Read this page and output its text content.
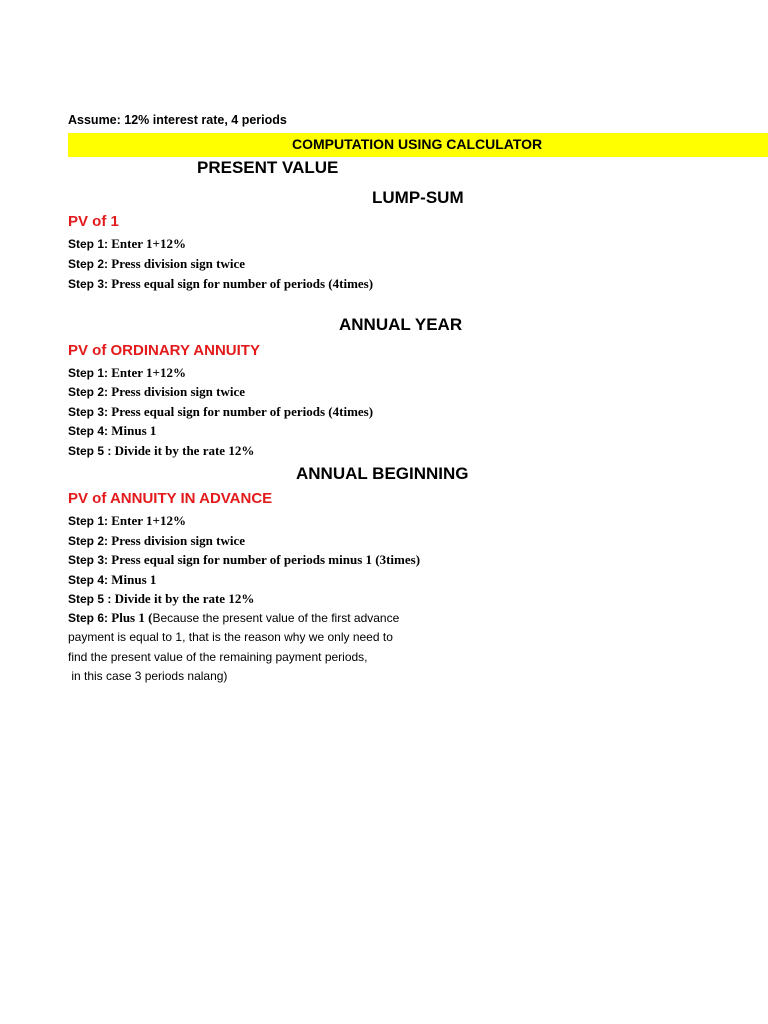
Assume: 12% interest rate, 4 periods
COMPUTATION USING CALCULATOR
PRESENT VALUE
LUMP-SUM
PV of 1
Step 1: Enter 1+12%
Step 2: Press division sign twice
Step 3: Press equal sign for number of periods (4times)
ANNUAL YEAR
PV of ORDINARY ANNUITY
Step 1: Enter 1+12%
Step 2: Press division sign twice
Step 3: Press equal sign for number of periods (4times)
Step 4: Minus 1
Step 5 : Divide it by the rate 12%
ANNUAL BEGINNING
PV of ANNUITY IN ADVANCE
Step 1: Enter 1+12%
Step 2: Press division sign twice
Step 3: Press equal sign for number of periods minus 1 (3times)
Step 4: Minus 1
Step 5 : Divide it by the rate 12%
Step 6: Plus 1 (Because the present value of the first advance
payment is equal to 1, that is the reason why we only need to
find the present value of the remaining payment periods,
in this case 3 periods nalang)
